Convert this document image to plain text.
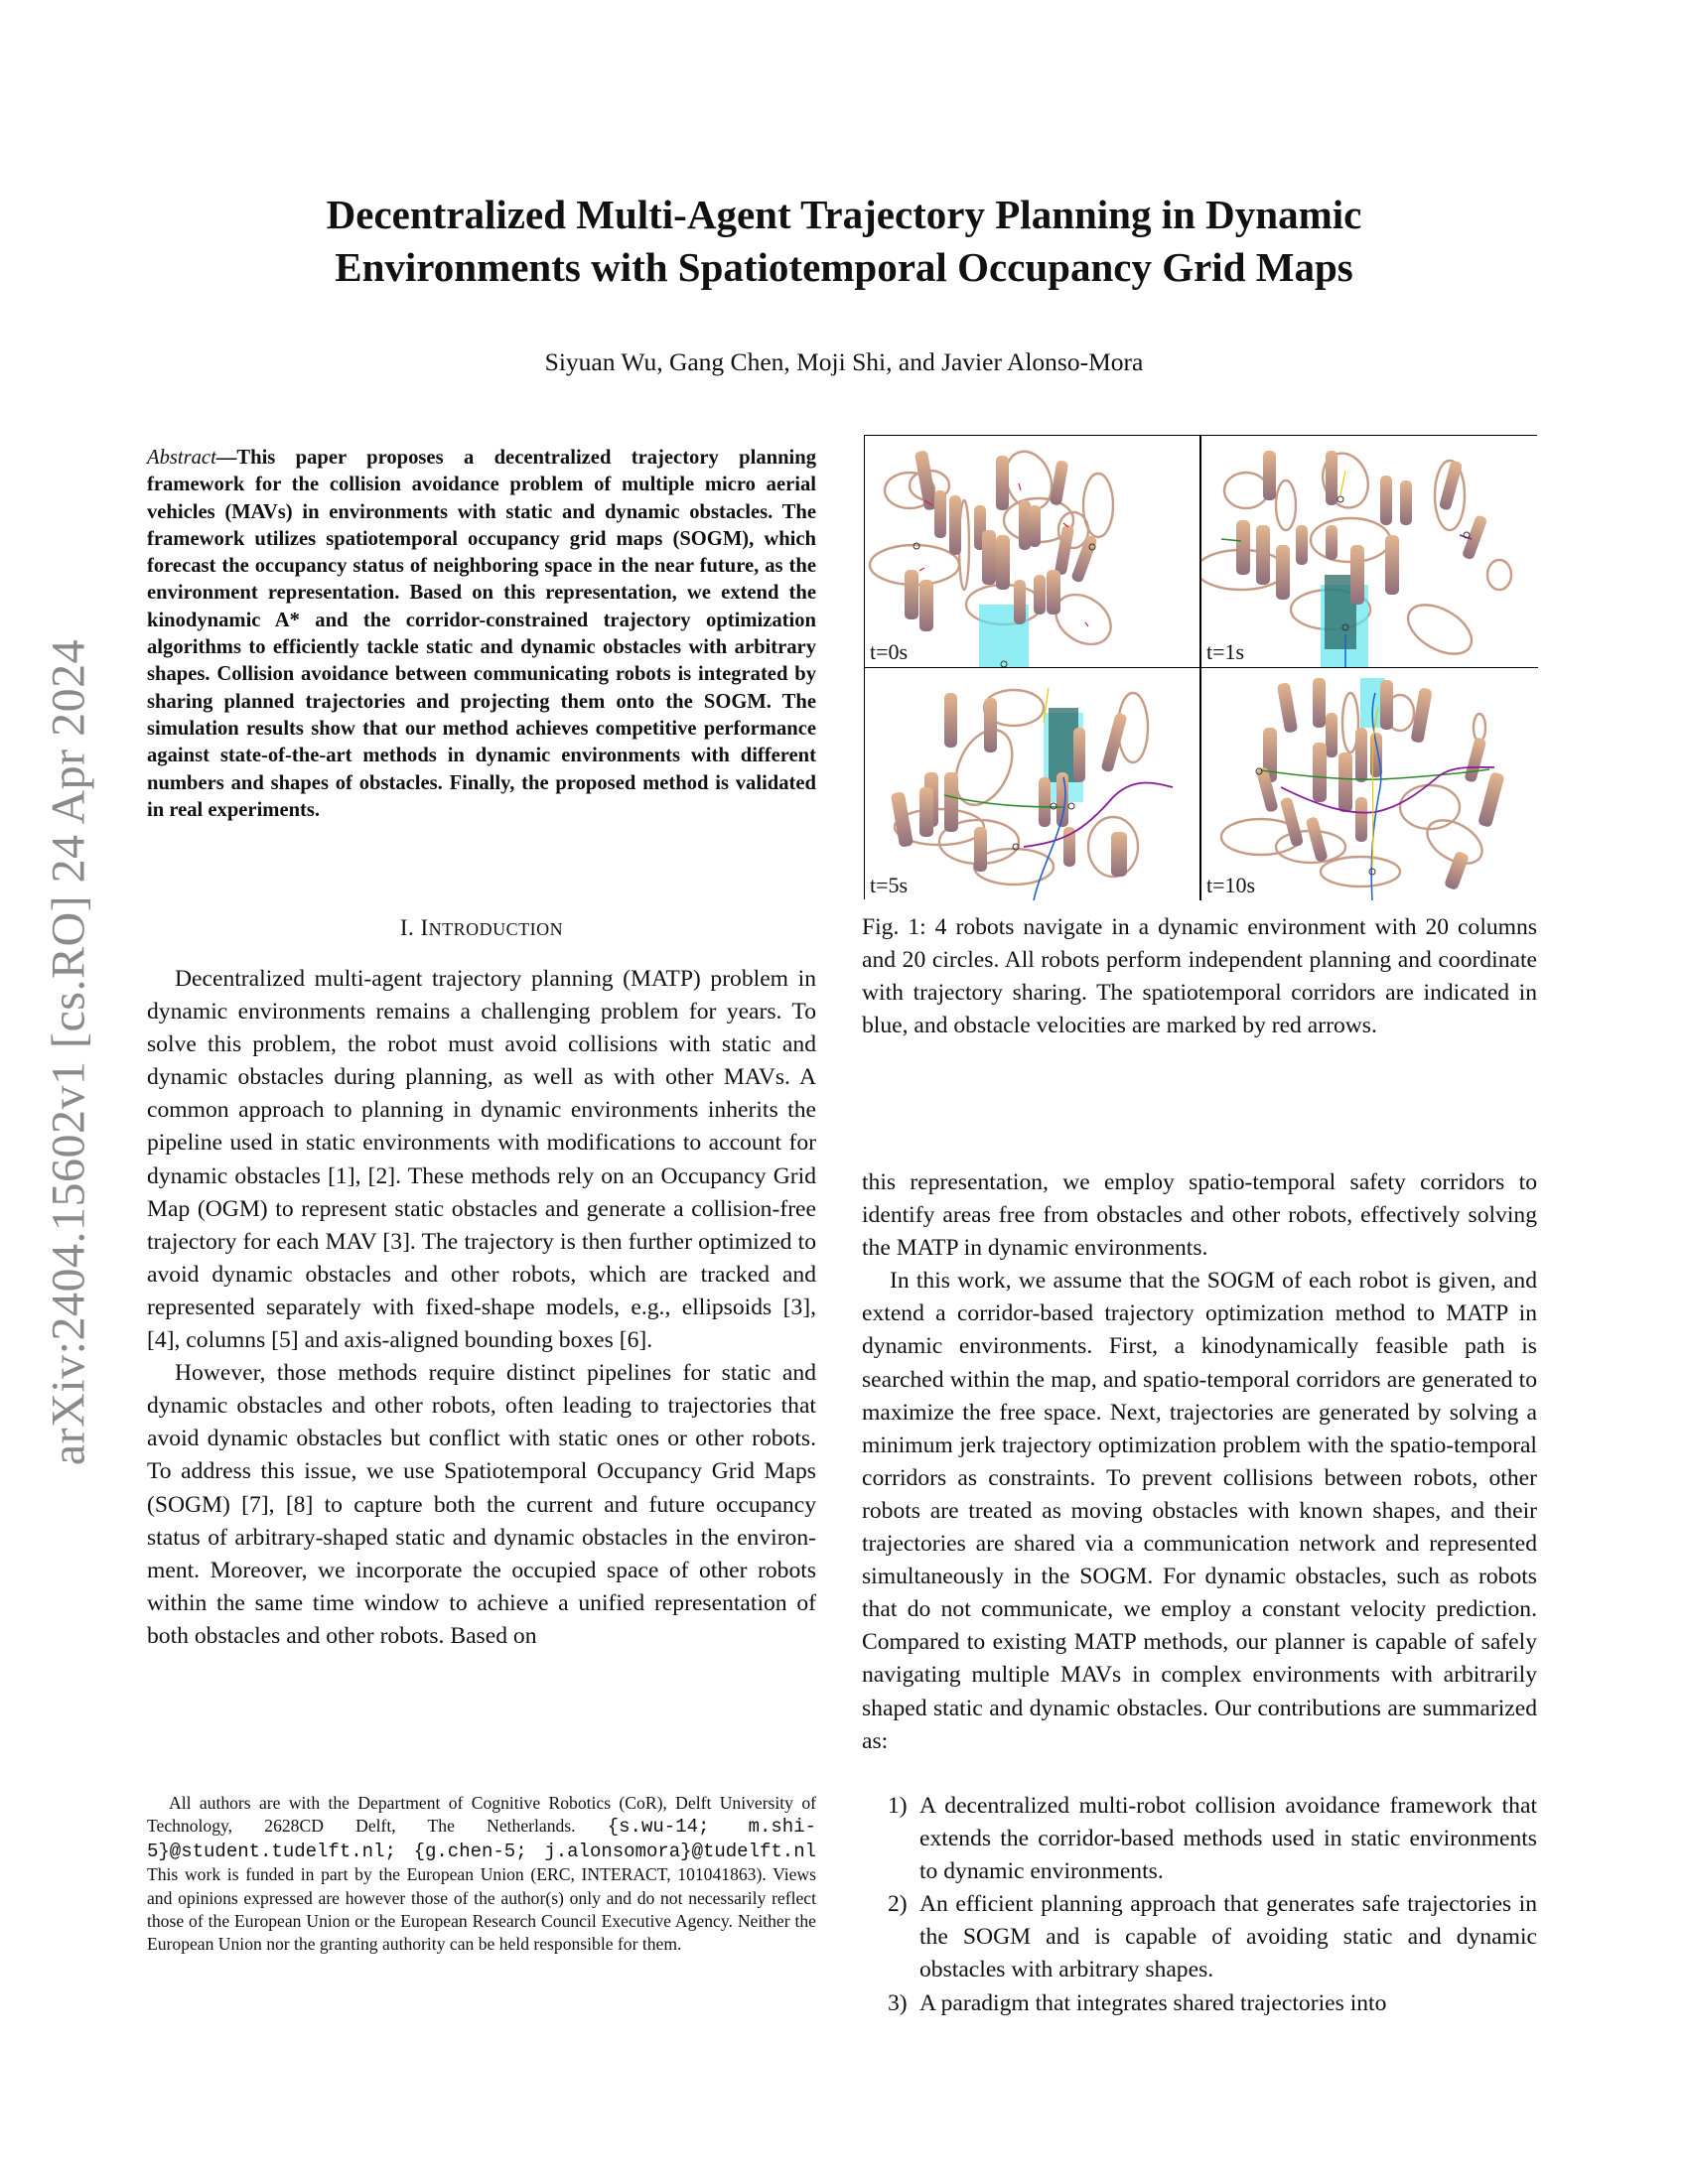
arXiv:2404.15602v1 [cs.RO] 24 Apr 2024
Decentralized Multi-Agent Trajectory Planning in Dynamic
Environments with Spatiotemporal Occupancy Grid Maps
Siyuan Wu, Gang Chen, Moji Shi, and Javier Alonso-Mora
Abstract—This paper proposes a decentralized trajectory planning framework for the collision avoidance problem of multiple micro aerial vehicles (MAVs) in environments with static and dynamic obstacles. The framework utilizes spatiotemporal occupancy grid maps (SOGM), which forecast the occupancy status of neighboring space in the near future, as the environment representation. Based on this representation, we extend the kinodynamic A* and the corridor-constrained trajectory optimization algorithms to efficiently tackle static and dynamic obstacles with arbitrary shapes. Collision avoidance between communicating robots is integrated by sharing planned trajectories and projecting them onto the SOGM. The simulation results show that our method achieves competitive performance against state-of-the-art methods in dynamic environments with different numbers and shapes of obstacles. Finally, the proposed method is validated in real experiments.
I. INTRODUCTION

Decentralized multi-agent trajectory planning (MATP) problem in dynamic environments remains a challenging problem for years. To solve this problem, the robot must avoid collisions with static and dynamic obstacles during planning, as well as with other MAVs. A common approach to planning in dynamic environments inherits the pipeline used in static environments with modifications to account for dynamic obstacles [1], [2]. These methods rely on an Occupancy Grid Map (OGM) to represent static obstacles and generate a collision-free trajectory for each MAV [3]. The trajectory is then further optimized to avoid dynamic obstacles and other robots, which are tracked and represented separately with fixed-shape models, e.g., ellipsoids [3], [4], columns [5] and axis-aligned bounding boxes [6].

However, those methods require distinct pipelines for static and dynamic obstacles and other robots, often leading to trajectories that avoid dynamic obstacles but conflict with static ones or other robots. To address this issue, we use Spatiotemporal Occupancy Grid Maps (SOGM) [7], [8] to capture both the current and future occupancy status of arbitrary-shaped static and dynamic obstacles in the environment. Moreover, we incorporate the occupied space of other robots within the same time window to achieve a unified representation of both obstacles and other robots. Based on

All authors are with the Department of Cognitive Robotics (CoR), Delft University of Technology, 2628CD Delft, The Netherlands. {s.wu-14; m.shi-5}@student.tudelft.nl; {g.chen-5; j.alonsomora}@tudelft.nl This work is funded in part by the European Union (ERC, INTERACT, 101041863). Views and opinions expressed are however those of the author(s) only and do not necessarily reflect those of the European Union or the European Research Council Executive Agency. Neither the European Union nor the granting authority can be held responsible for them.
t=0s	t=1s
t=5s	t=10s
Fig. 1: 4 robots navigate in a dynamic environment with 20 columns and 20 circles. All robots perform independent planning and coordinate with trajectory sharing. The spatiotemporal corridors are indicated in blue, and obstacle velocities are marked by red arrows.

this representation, we employ spatio-temporal safety corridors to identify areas free from obstacles and other robots, effectively solving the MATP in dynamic environments.

In this work, we assume that the SOGM of each robot is given, and extend a corridor-based trajectory optimization method to MATP in dynamic environments. First, a kinodynamically feasible path is searched within the map, and spatio-temporal corridors are generated to maximize the free space. Next, trajectories are generated by solving a minimum jerk trajectory optimization problem with the spatio-temporal corridors as constraints. To prevent collisions between robots, other robots are treated as moving obstacles with known shapes, and their trajectories are shared via a communication network and represented simultaneously in the SOGM. For dynamic obstacles, such as robots that do not communicate, we employ a constant velocity prediction. Compared to existing MATP methods, our planner is capable of safely navigating multiple MAVs in complex environments with arbitrarily shaped static and dynamic obstacles. Our contributions are summarized as:

1) A decentralized multi-robot collision avoidance framework that extends the corridor-based methods used in static environments to dynamic environments.
2) An efficient planning approach that generates safe trajectories in the SOGM and is capable of avoiding static and dynamic obstacles with arbitrary shapes.
3) A paradigm that integrates shared trajectories into
